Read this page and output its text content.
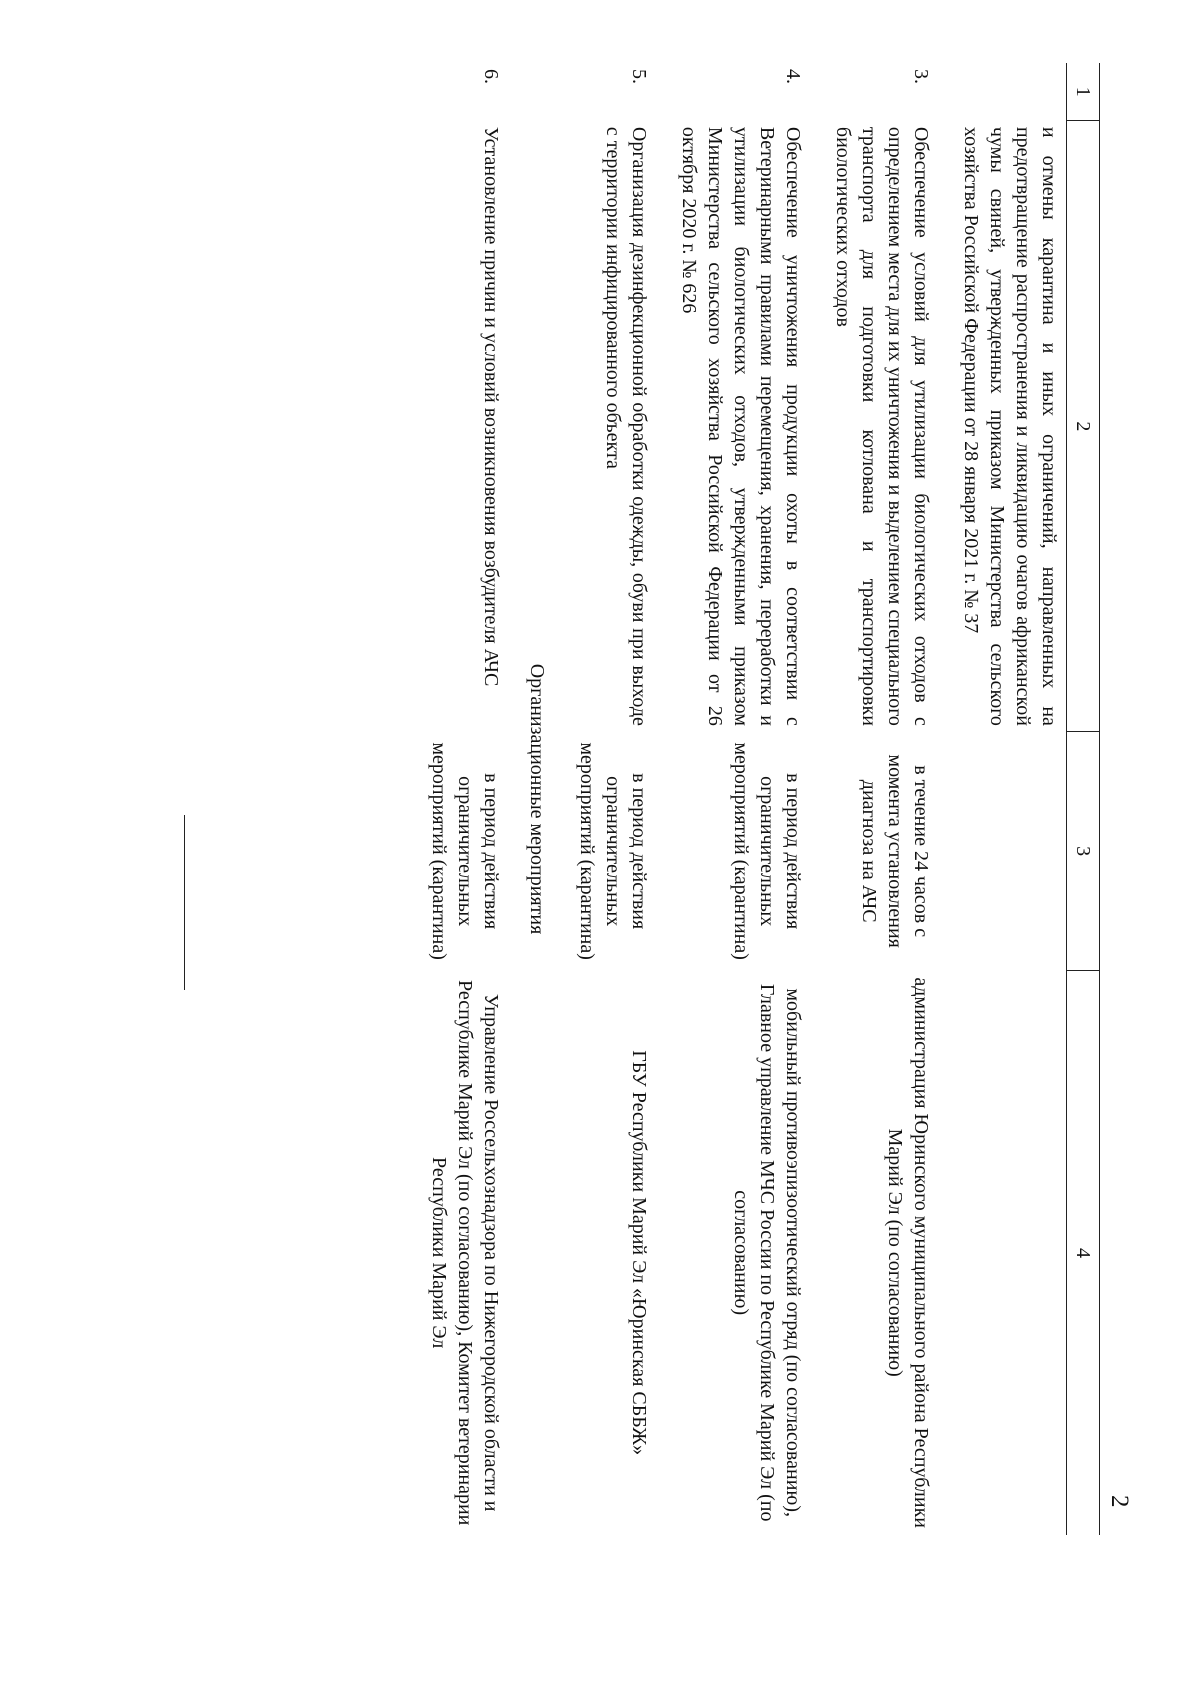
2
1	2	3	4
	и отмены карантина и иных ограничений, направленных на предотвращение распространения и ликвидацию очагов африканской чумы свиней, утвержденных приказом Министерства сельского хозяйства Российской Федерации от 28 января 2021 г. № 37		
3.	Обеспечение условий для утилизации биологических отходов с определением места для их уничтожения и выделением специального транспорта для подготовки котлована и транспортировки биологических отходов	в течение 24 часов с момента установления диагноза на АЧС	администрация Юринского муниципального района Республики Марий Эл (по согласованию)
4.	Обеспечение уничтожения продукции охоты в соответствии с Ветеринарными правилами перемещения, хранения, переработки и утилизации биологических отходов, утвержденными приказом Министерства сельского хозяйства Российской Федерации от 26 октября 2020 г. № 626	в период действия ограничительных мероприятий (карантина)	мобильный противоэпизоотический отряд (по согласованию), Главное управление МЧС России по Республике Марий Эл (по согласованию)
5.	Организация дезинфекционной обработки одежды, обуви при выходе с территории инфицированного объекта	в период действия ограничительных мероприятий (карантина)	ГБУ Республики Марий Эл «Юринская СББЖ»
Организационные мероприятия			
6.	Установление причин и условий возникновения возбудителя АЧС	в период действия ограничительных мероприятий (карантина)	Управление Россельхознадзора по Нижегородской области и Республике Марий Эл (по согласованию), Комитет ветеринарии Республики Марий Эл
